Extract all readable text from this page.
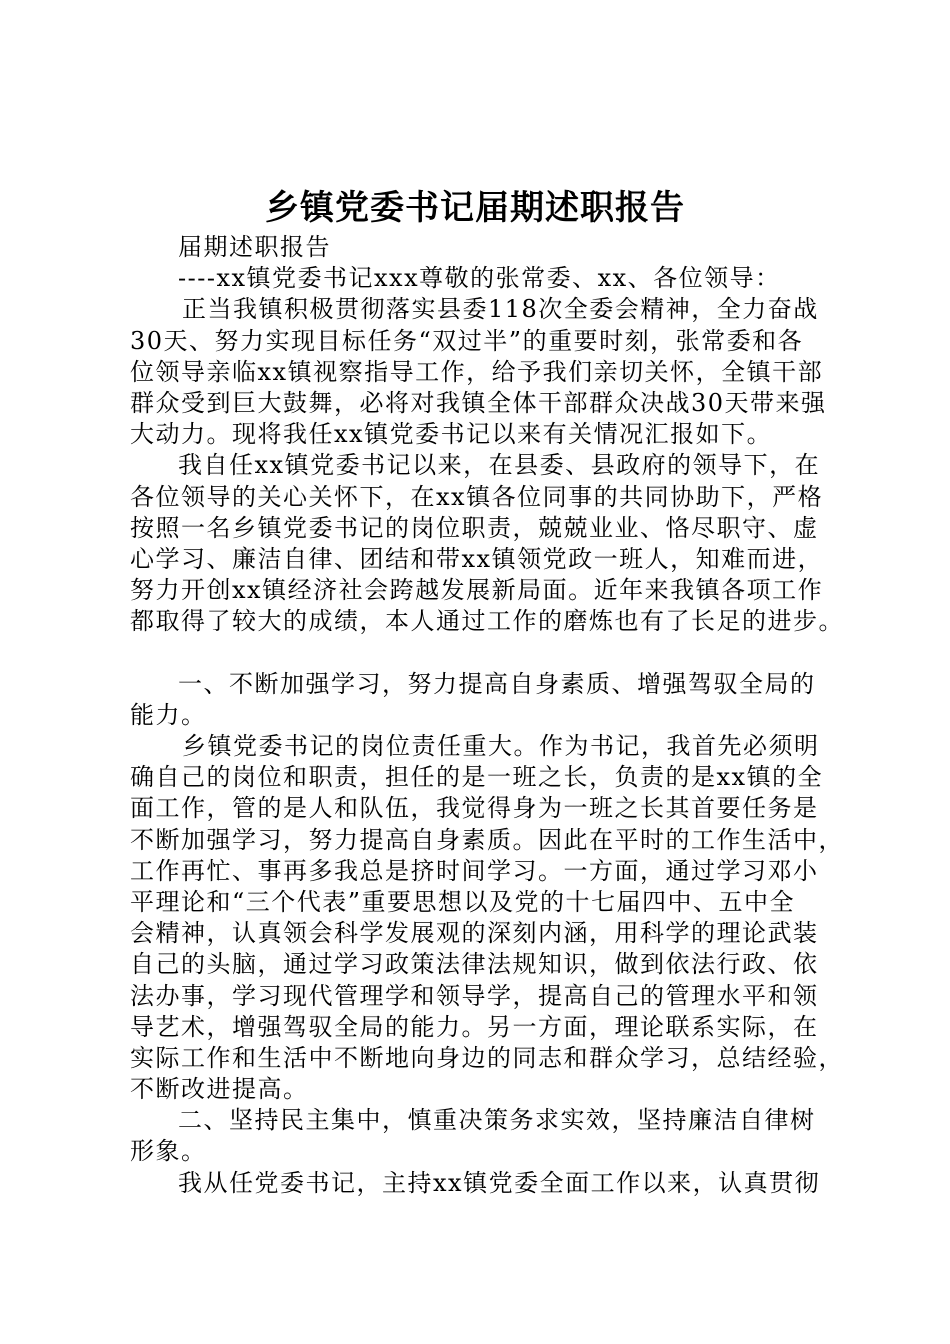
乡镇党委书记届期述职报告
届期述职报告
----xx镇党委书记xxx尊敬的张常委、xx、各位领导：
正当我镇积极贯彻落实县委118次全委会精神，全力奋战
30天、努力实现目标任务“双过半”的重要时刻，张常委和各
位领导亲临xx镇视察指导工作，给予我们亲切关怀，全镇干部
群众受到巨大鼓舞，必将对我镇全体干部群众决战30天带来强
大动力。现将我任xx镇党委书记以来有关情况汇报如下。
我自任xx镇党委书记以来，在县委、县政府的领导下，在
各位领导的关心关怀下，在xx镇各位同事的共同协助下，严格
按照一名乡镇党委书记的岗位职责，兢兢业业、恪尽职守、虚
心学习、廉洁自律、团结和带xx镇领党政一班人，知难而进，
努力开创xx镇经济社会跨越发展新局面。近年来我镇各项工作
都取得了较大的成绩，本人通过工作的磨炼也有了长足的进步。
一、不断加强学习，努力提高自身素质、增强驾驭全局的
能力。
乡镇党委书记的岗位责任重大。作为书记，我首先必须明
确自己的岗位和职责，担任的是一班之长，负责的是xx镇的全
面工作，管的是人和队伍，我觉得身为一班之长其首要任务是
不断加强学习，努力提高自身素质。因此在平时的工作生活中，
工作再忙、事再多我总是挤时间学习。一方面，通过学习邓小
平理论和“三个代表”重要思想以及党的十七届四中、五中全
会精神，认真领会科学发展观的深刻内涵，用科学的理论武装
自己的头脑，通过学习政策法律法规知识，做到依法行政、依
法办事，学习现代管理学和领导学，提高自己的管理水平和领
导艺术，增强驾驭全局的能力。另一方面，理论联系实际，在
实际工作和生活中不断地向身边的同志和群众学习，总结经验，
不断改进提高。
二、坚持民主集中，慎重决策务求实效，坚持廉洁自律树
形象。
我从任党委书记，主持xx镇党委全面工作以来，认真贯彻
